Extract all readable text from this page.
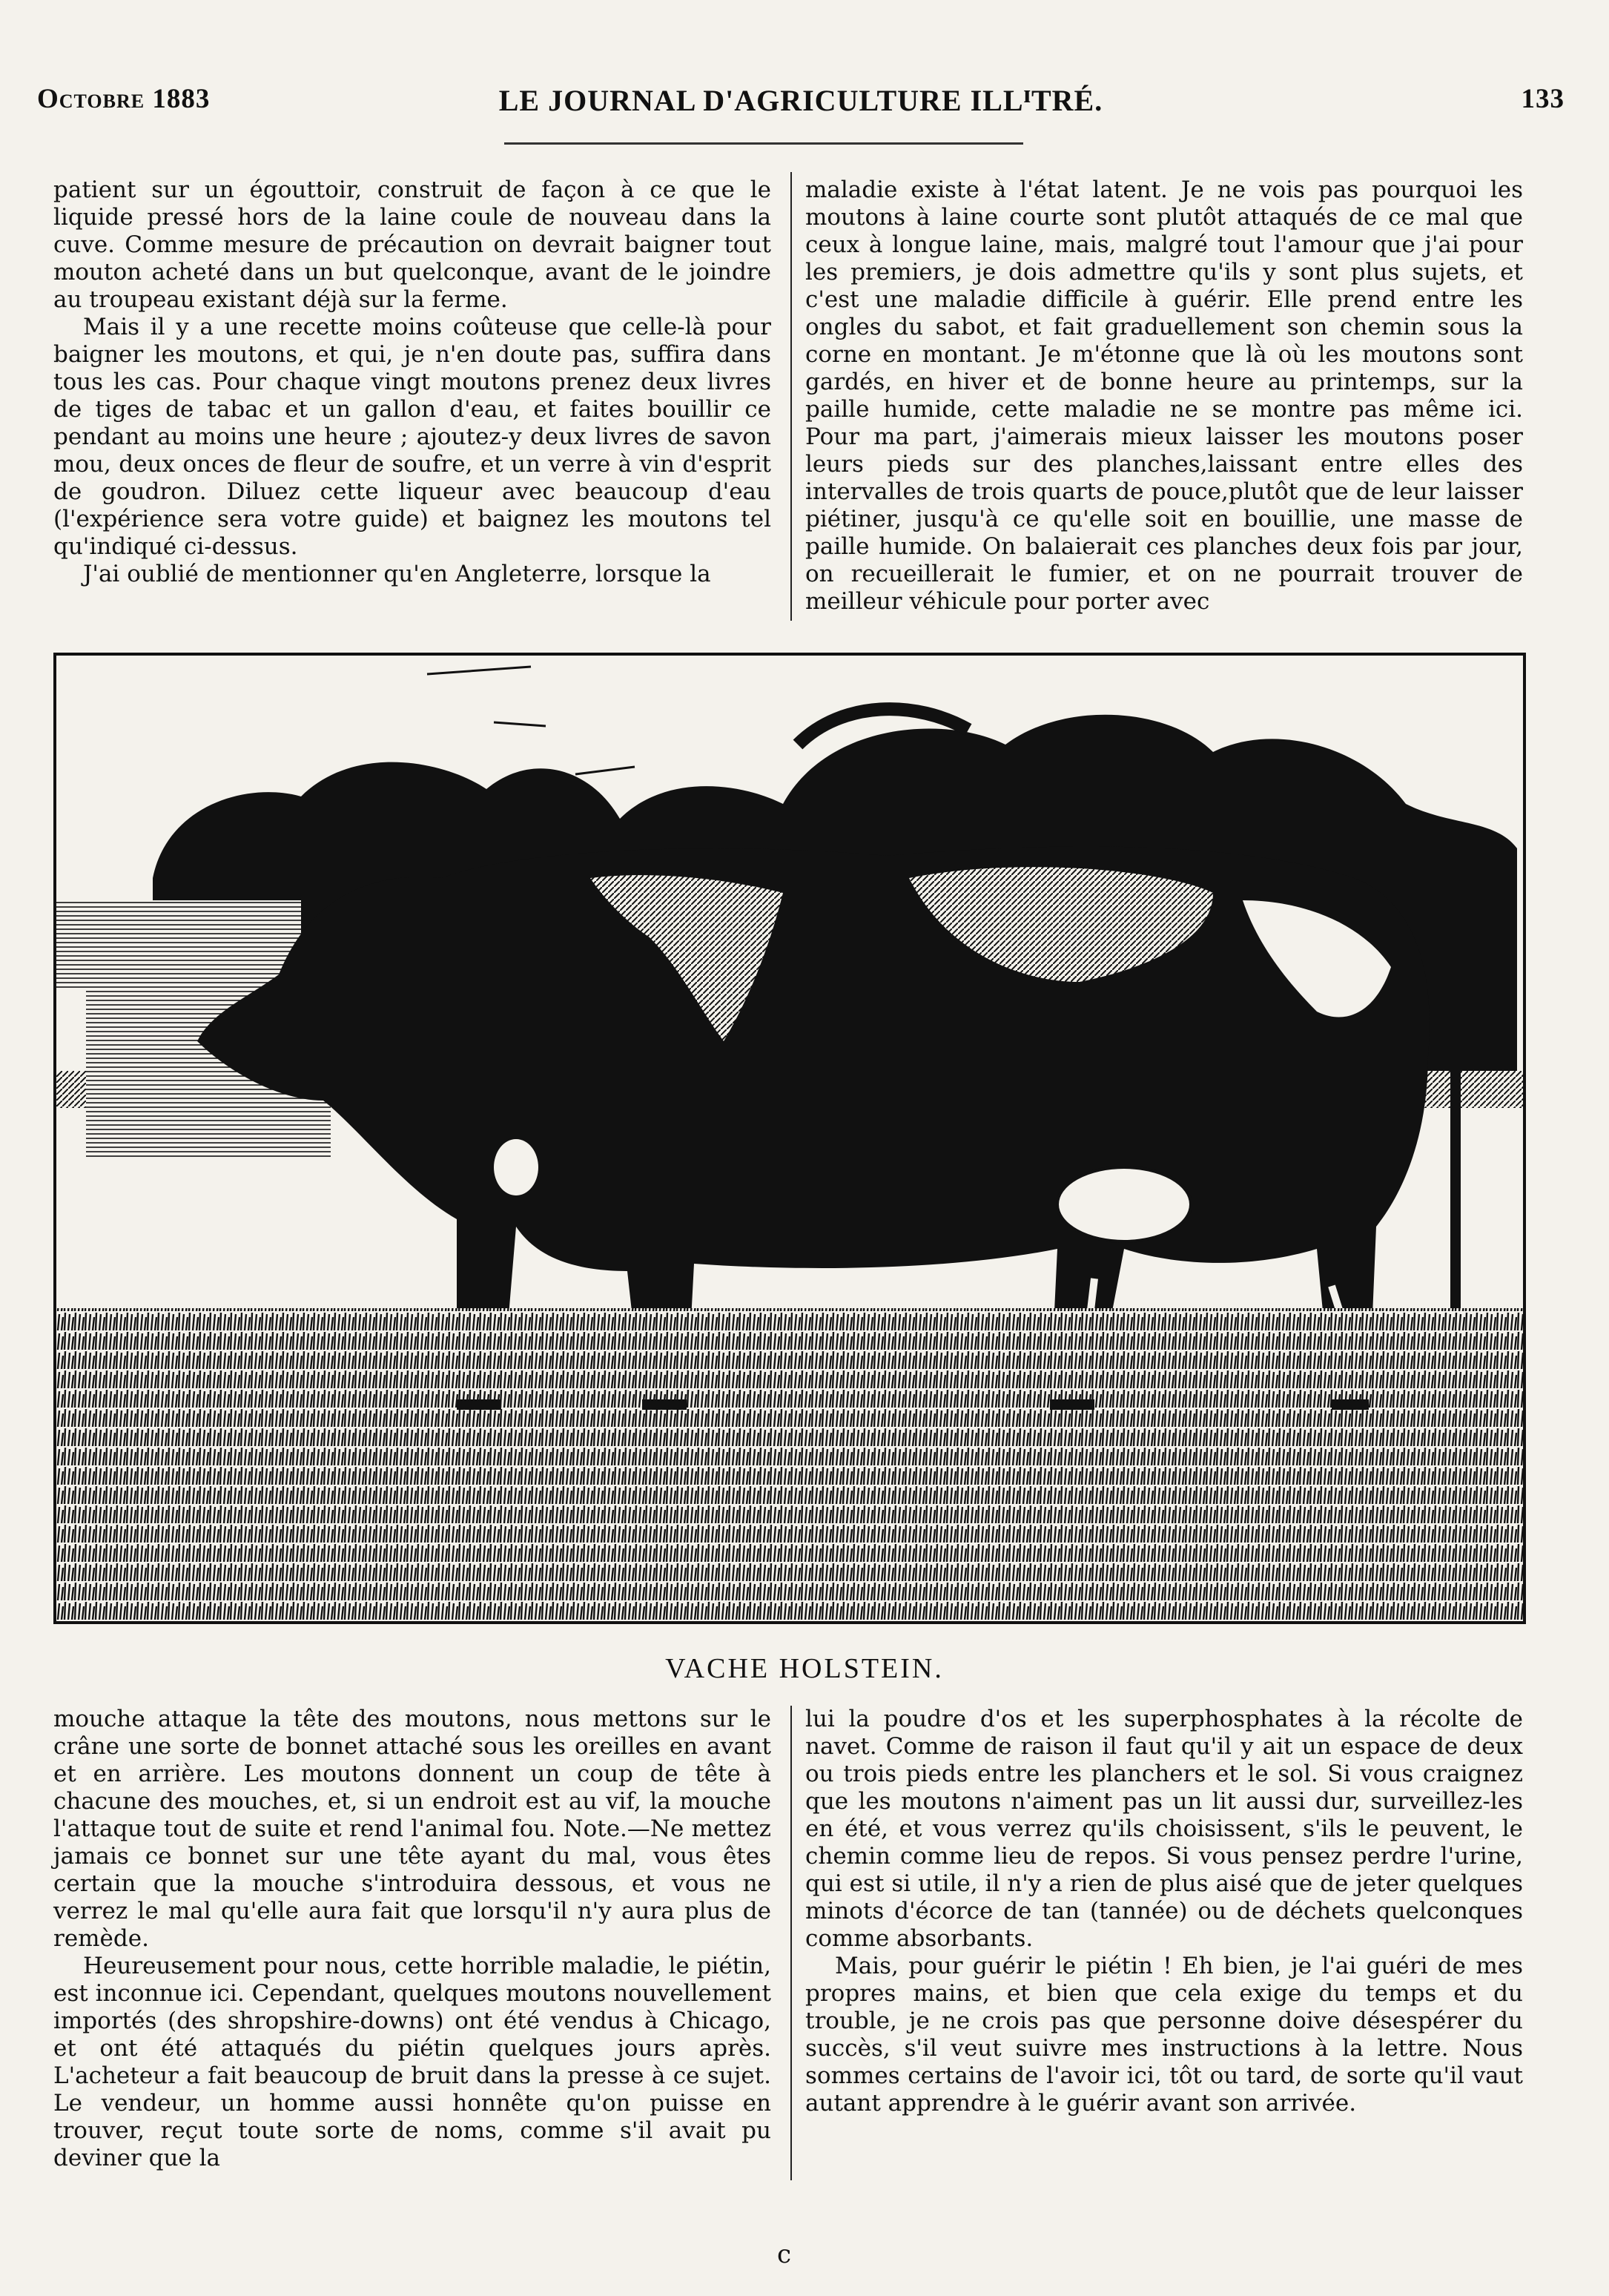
Octobre 1883	LE JOURNAL D'AGRICULTURE ILLᴵTRÉ.	133

patient sur un égouttoir, construit de façon à ce que le liquide pressé hors de la laine coule de nouveau dans la cuve. Comme mesure de précaution on devrait baigner tout mouton acheté dans un but quelconque, avant de le joindre au troupeau existant déjà sur la ferme.

Mais il y a une recette moins coûteuse que celle-là pour baigner les moutons, et qui, je n'en doute pas, suffira dans tous les cas. Pour chaque vingt moutons prenez deux livres de tiges de tabac et un gallon d'eau, et faites bouillir ce pendant au moins une heure ; ajoutez-y deux livres de savon mou, deux onces de fleur de soufre, et un verre à vin d'esprit de goudron. Diluez cette liqueur avec beaucoup d'eau (l'expérience sera votre guide) et baignez les moutons tel qu'indiqué ci-dessus.

J'ai oublié de mentionner qu'en Angleterre, lorsque la

maladie existe à l'état latent. Je ne vois pas pourquoi les moutons à laine courte sont plutôt attaqués de ce mal que ceux à longue laine, mais, malgré tout l'amour que j'ai pour les premiers, je dois admettre qu'ils y sont plus sujets, et c'est une maladie difficile à guérir. Elle prend entre les ongles du sabot, et fait graduellement son chemin sous la corne en montant. Je m'étonne que là où les moutons sont gardés, en hiver et de bonne heure au printemps, sur la paille humide, cette maladie ne se montre pas même ici. Pour ma part, j'aimerais mieux laisser les moutons poser leurs pieds sur des planches,laissant entre elles des intervalles de trois quarts de pouce,plutôt que de leur laisser piétiner, jusqu'à ce qu'elle soit en bouillie, une masse de paille humide. On balaierait ces planches deux fois par jour, on recueillerait le fumier, et on ne pourrait trouver de meilleur véhicule pour porter avec

VACHE HOLSTEIN.

mouche attaque la tête des moutons, nous mettons sur le crâne une sorte de bonnet attaché sous les oreilles en avant et en arrière. Les moutons donnent un coup de tête à chacune des mouches, et, si un endroit est au vif, la mouche l'attaque tout de suite et rend l'animal fou. Note.—Ne mettez jamais ce bonnet sur une tête ayant du mal, vous êtes certain que la mouche s'introduira dessous, et vous ne verrez le mal qu'elle aura fait que lorsqu'il n'y aura plus de remède.

Heureusement pour nous, cette horrible maladie, le piétin, est inconnue ici. Cependant, quelques moutons nouvellement importés (des shropshire-downs) ont été vendus à Chicago, et ont été attaqués du piétin quelques jours après. L'acheteur a fait beaucoup de bruit dans la presse à ce sujet. Le vendeur, un homme aussi honnête qu'on puisse en trouver, reçut toute sorte de noms, comme s'il avait pu deviner que la

lui la poudre d'os et les superphosphates à la récolte de navet. Comme de raison il faut qu'il y ait un espace de deux ou trois pieds entre les planchers et le sol. Si vous craignez que les moutons n'aiment pas un lit aussi dur, surveillez-les en été, et vous verrez qu'ils choisissent, s'ils le peuvent, le chemin comme lieu de repos. Si vous pensez perdre l'urine, qui est si utile, il n'y a rien de plus aisé que de jeter quelques minots d'écorce de tan (tannée) ou de déchets quelconques comme absorbants.

Mais, pour guérir le piétin ! Eh bien, je l'ai guéri de mes propres mains, et bien que cela exige du temps et du trouble, je ne crois pas que personne doive désespérer du succès, s'il veut suivre mes instructions à la lettre. Nous sommes certains de l'avoir ici, tôt ou tard, de sorte qu'il vaut autant apprendre à le guérir avant son arrivée.

c
